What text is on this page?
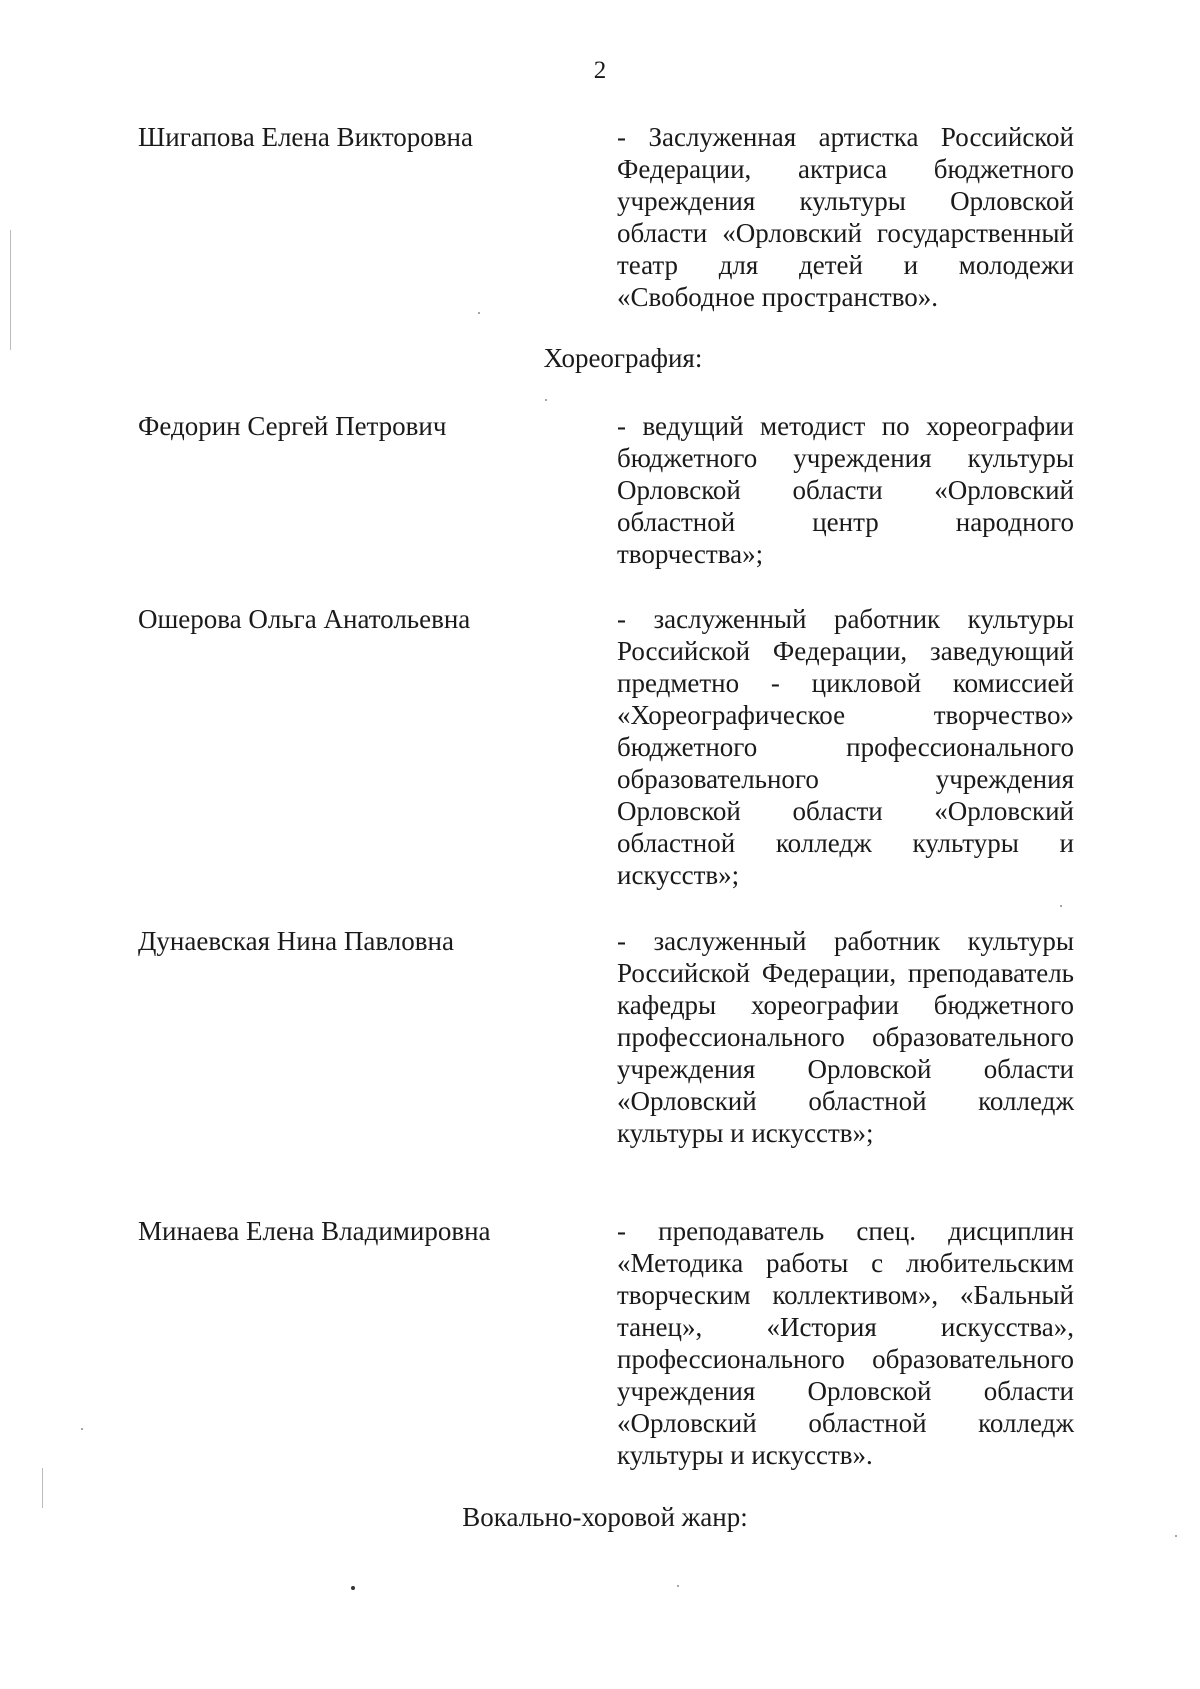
2
Шигапова Елена Викторовна	- Заслуженная артистка Российской Федерации, актриса бюджетного учреждения культуры Орловской области «Орловский государственный театр для детей и молодежи «Свободное пространство».
Хореография:
Федорин Сергей Петрович	- ведущий методист по хореографии бюджетного учреждения культуры Орловской области «Орловский областной центр народного творчества»;
Ошерова Ольга Анатольевна	- заслуженный работник культуры Российской Федерации, заведующий предметно - цикловой комиссией «Хореографическое творчество» бюджетного профессионального образовательного учреждения Орловской области «Орловский областной колледж культуры и искусств»;
Дунаевская Нина Павловна	- заслуженный работник культуры Российской Федерации, преподаватель кафедры хореографии бюджетного профессионального образовательного учреждения Орловской области «Орловский областной колледж культуры и искусств»;
Минаева Елена Владимировна	- преподаватель спец. дисциплин «Методика работы с любительским творческим коллективом», «Бальный танец», «История искусства», профессионального образовательного учреждения Орловской области «Орловский областной колледж культуры и искусств».
Вокально-хоровой жанр:
